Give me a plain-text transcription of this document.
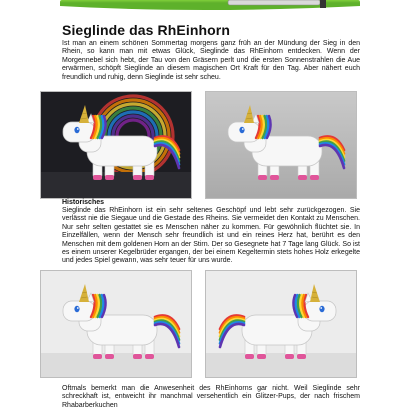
Sieglinde das RhEinhorn

Ist man an einem schönen Sommertag morgens ganz früh an der Mündung der Sieg in den Rhein, so kann man mit etwas Glück, Sieglinde das RhEinhorn entdecken. Wenn der Morgennebel sich hebt, der Tau von den Gräsern perlt und die ersten Sonnenstrahlen die Aue erwärmen, schöpft Sieglinde an diesem magischen Ort Kraft für den Tag. Aber nähert euch freundlich und ruhig, denn Sieglinde ist sehr scheu.

Historisches

Sieglinde das RhEinhorn ist ein sehr seltenes Geschöpf und lebt sehr zurückgezogen. Sie verlässt nie die Siegaue und die Gestade des Rheins. Sie vermeidet den Kontakt zu Menschen. Nur sehr selten gestattet sie es Menschen näher zu kommen. Für gewöhnlich flüchtet sie. In Einzelfällen, wenn der Mensch sehr freundlich ist und ein reines Herz hat, berührt es den Menschen mit dem goldenen Horn an der Stirn. Der so Gesegnete hat 7 Tage lang Glück. So ist es einem unserer Kegelbrüder ergangen, der bei einem Kegeltermin stets hohes Holz erkegelte und jedes Spiel gewann, was sehr teuer für uns wurde.

Oftmals bemerkt man die Anwesenheit des RhEinhorns gar nicht. Weil Sieglinde sehr schreckhaft ist, entweicht ihr manchmal versehentlich ein Glitzer-Pups, der nach frischem Rhabarberkuchen
